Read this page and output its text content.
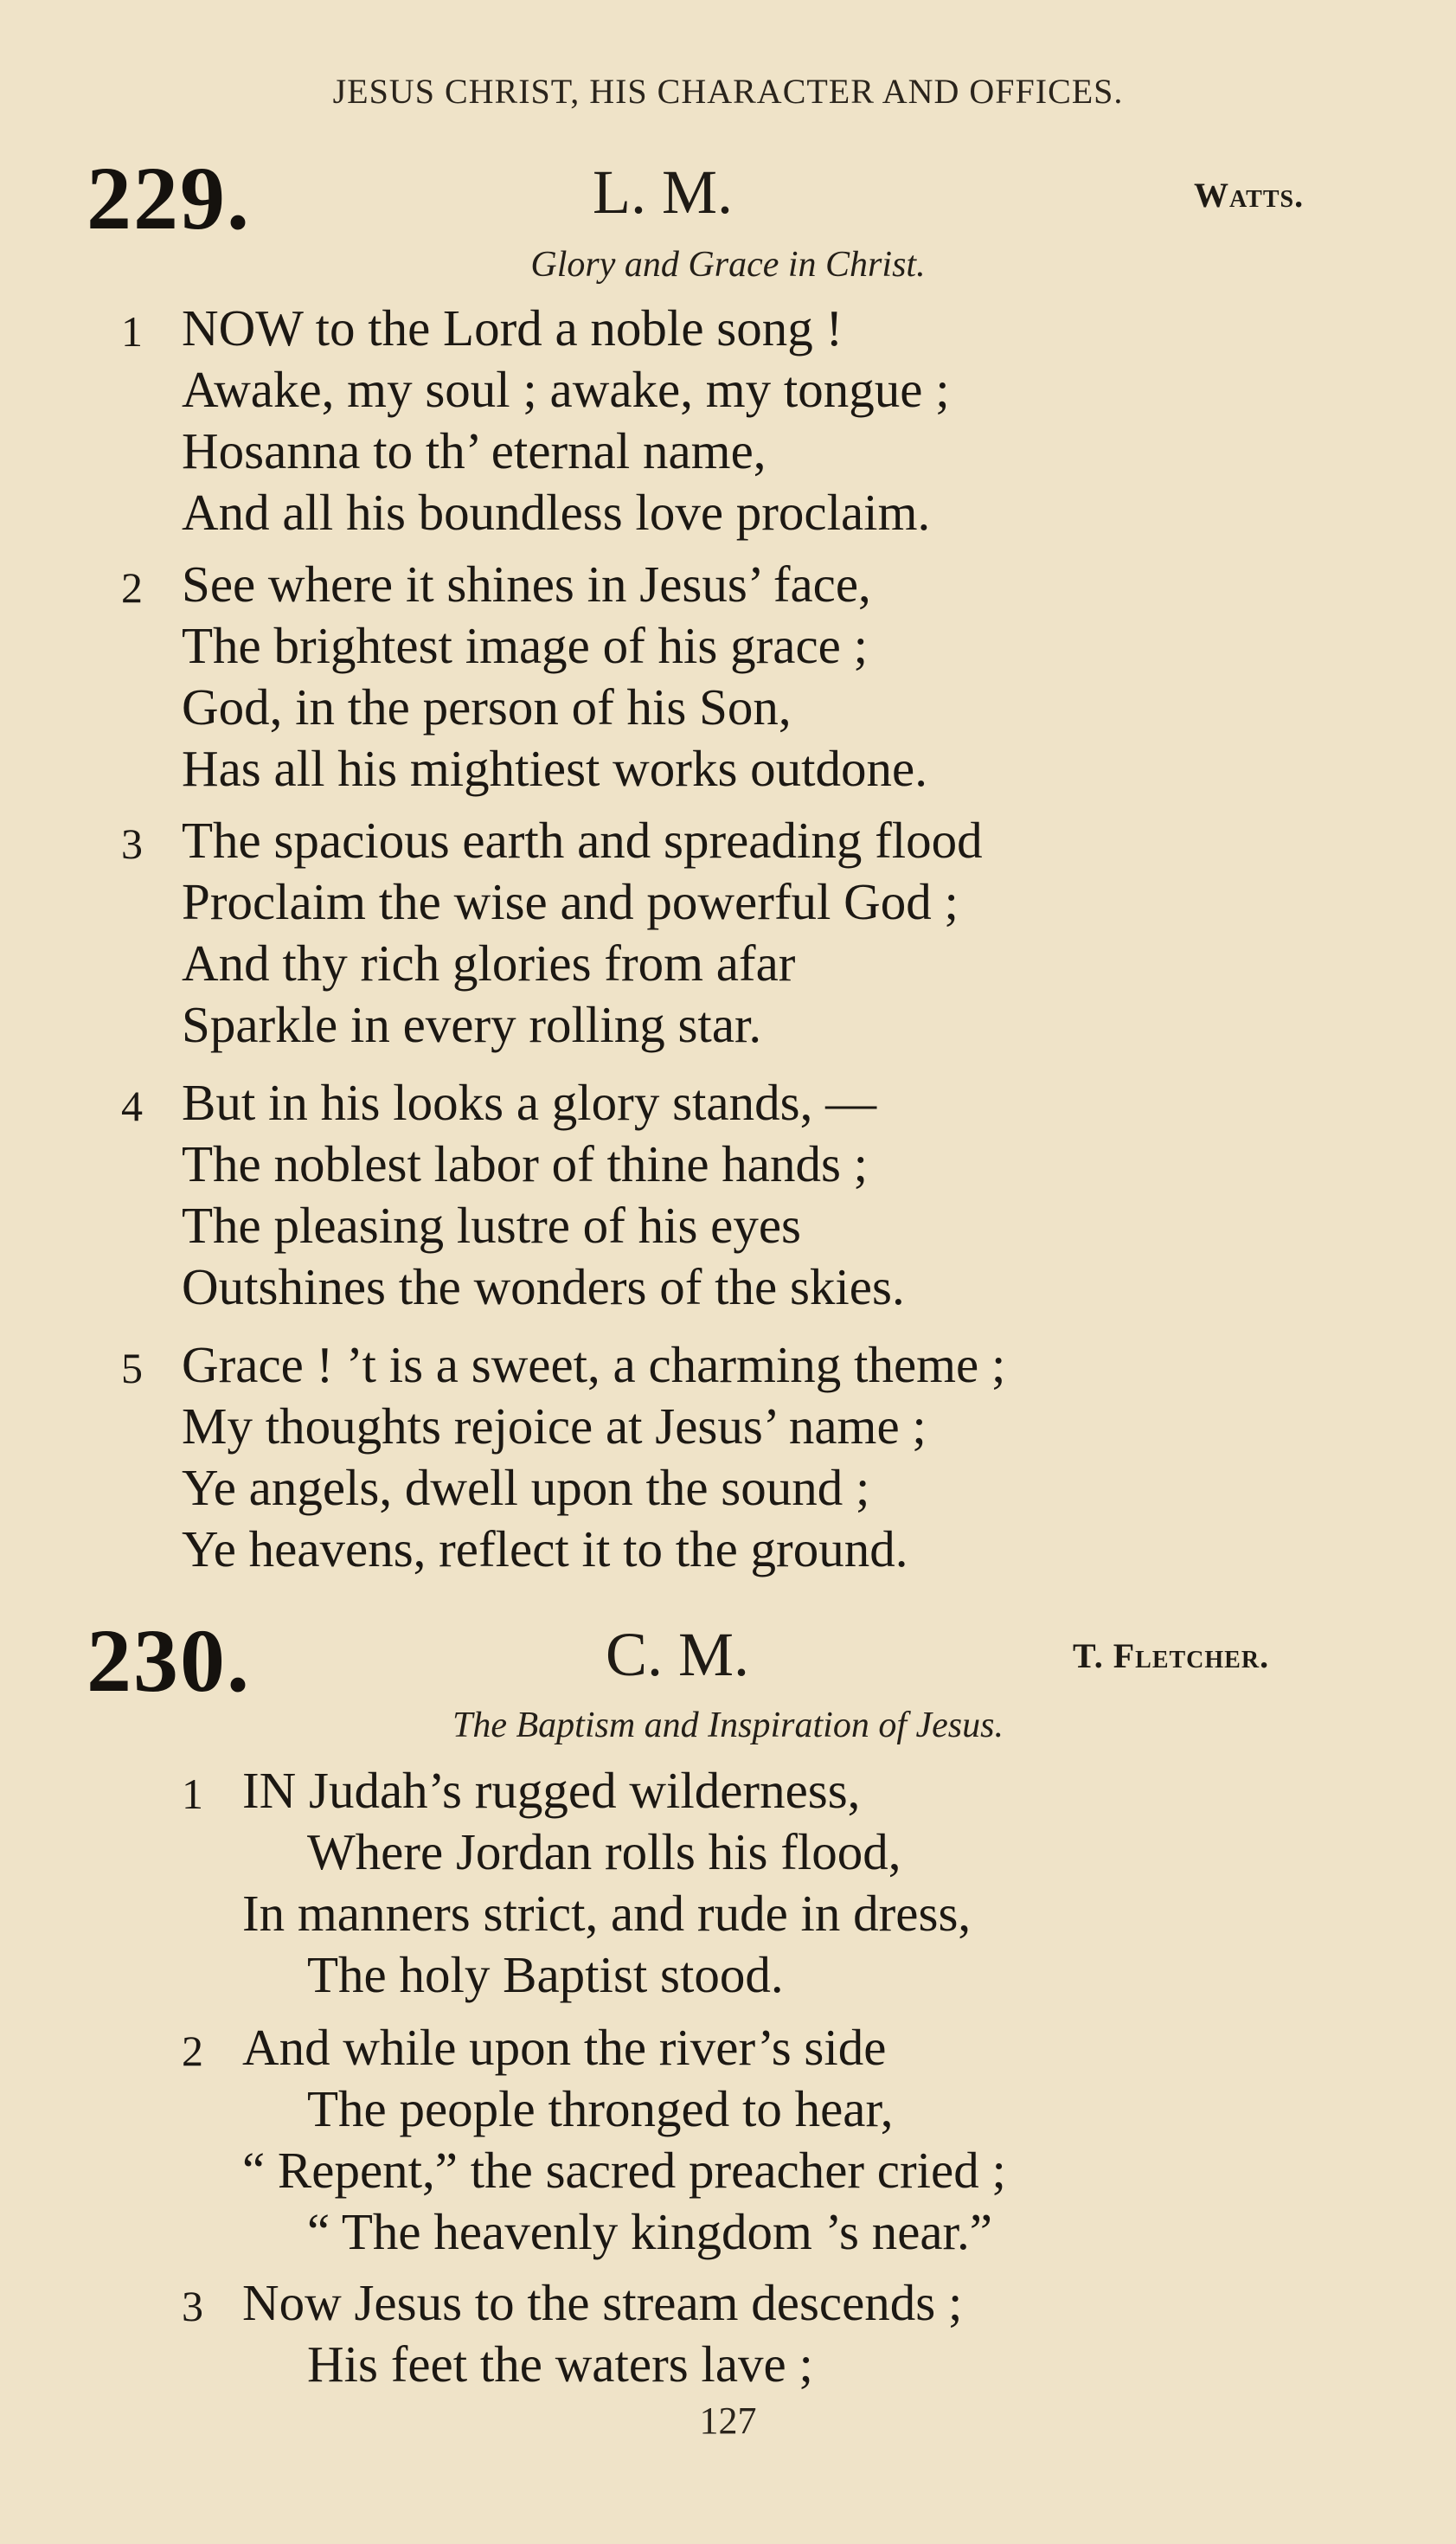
JESUS CHRIST, HIS CHARACTER AND OFFICES.
229.	L. M.	Watts.
Glory and Grace in Christ.
1 NOW to the Lord a noble song !
Awake, my soul ; awake, my tongue ;
Hosanna to th’ eternal name,
And all his boundless love proclaim.
2 See where it shines in Jesus’ face,
The brightest image of his grace ;
God, in the person of his Son,
Has all his mightiest works outdone.
3 The spacious earth and spreading flood
Proclaim the wise and powerful God ;
And thy rich glories from afar
Sparkle in every rolling star.
4 But in his looks a glory stands, —
The noblest labor of thine hands ;
The pleasing lustre of his eyes
Outshines the wonders of the skies.
5 Grace ! ’t is a sweet, a charming theme ;
My thoughts rejoice at Jesus’ name ;
Ye angels, dwell upon the sound ;
Ye heavens, reflect it to the ground.
230.	C. M.	T. Fletcher.
The Baptism and Inspiration of Jesus.
1 IN Judah’s rugged wilderness,
Where Jordan rolls his flood,
In manners strict, and rude in dress,
The holy Baptist stood.
2 And while upon the river’s side
The people thronged to hear,
“ Repent,” the sacred preacher cried ;
“ The heavenly kingdom ’s near.”
3 Now Jesus to the stream descends ;
His feet the waters lave ;
127
